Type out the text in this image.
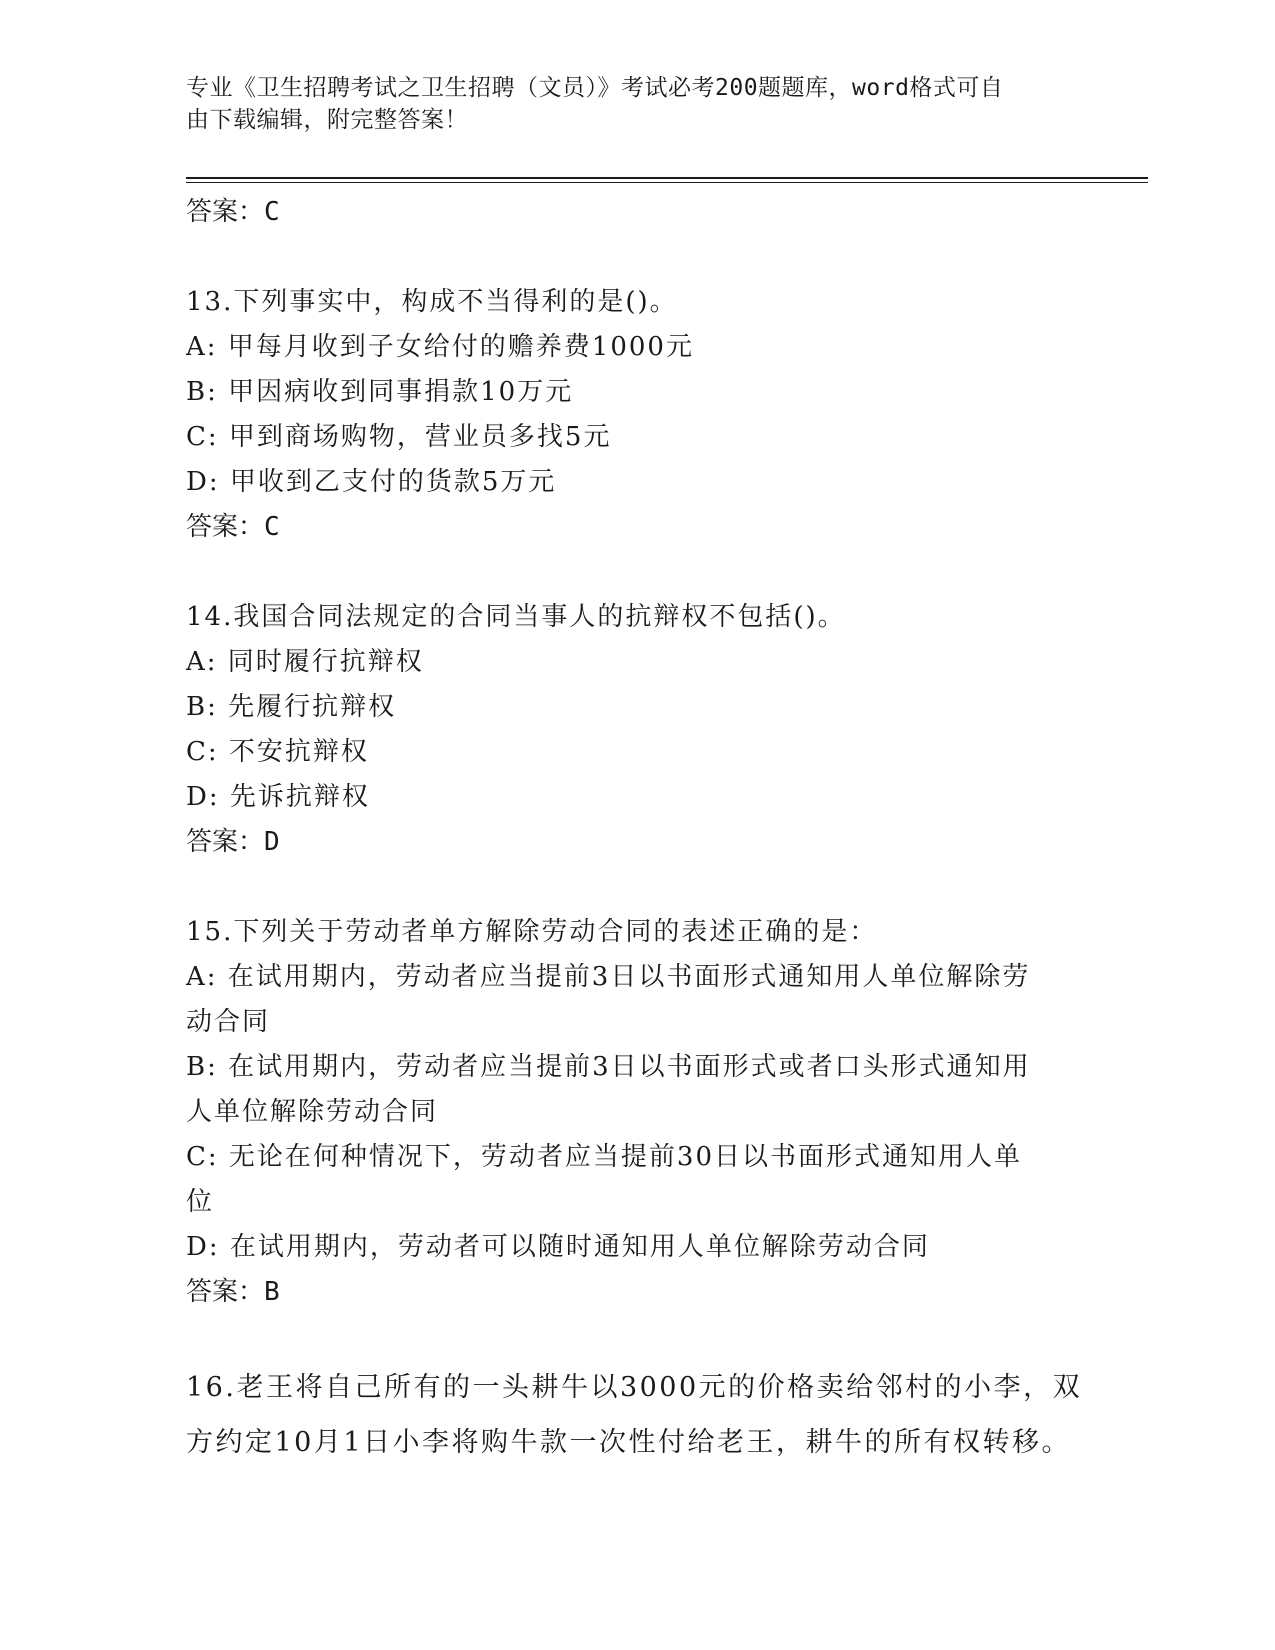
专业《卫生招聘考试之卫生招聘（文员）》考试必考200题题库，word格式可自
由下载编辑，附完整答案！
答案：C
13.下列事实中，构成不当得利的是()。
A: 甲每月收到子女给付的赡养费1000元
B: 甲因病收到同事捐款10万元
C: 甲到商场购物，营业员多找5元
D: 甲收到乙支付的货款5万元
答案：C
14.我国合同法规定的合同当事人的抗辩权不包括()。
A: 同时履行抗辩权
B: 先履行抗辩权
C: 不安抗辩权
D: 先诉抗辩权
答案：D
15.下列关于劳动者单方解除劳动合同的表述正确的是：
A: 在试用期内，劳动者应当提前3日以书面形式通知用人单位解除劳
动合同
B: 在试用期内，劳动者应当提前3日以书面形式或者口头形式通知用
人单位解除劳动合同
C: 无论在何种情况下，劳动者应当提前30日以书面形式通知用人单
位
D: 在试用期内，劳动者可以随时通知用人单位解除劳动合同
答案：B
16.老王将自己所有的一头耕牛以3000元的价格卖给邻村的小李，双
方约定10月1日小李将购牛款一次性付给老王，耕牛的所有权转移。
